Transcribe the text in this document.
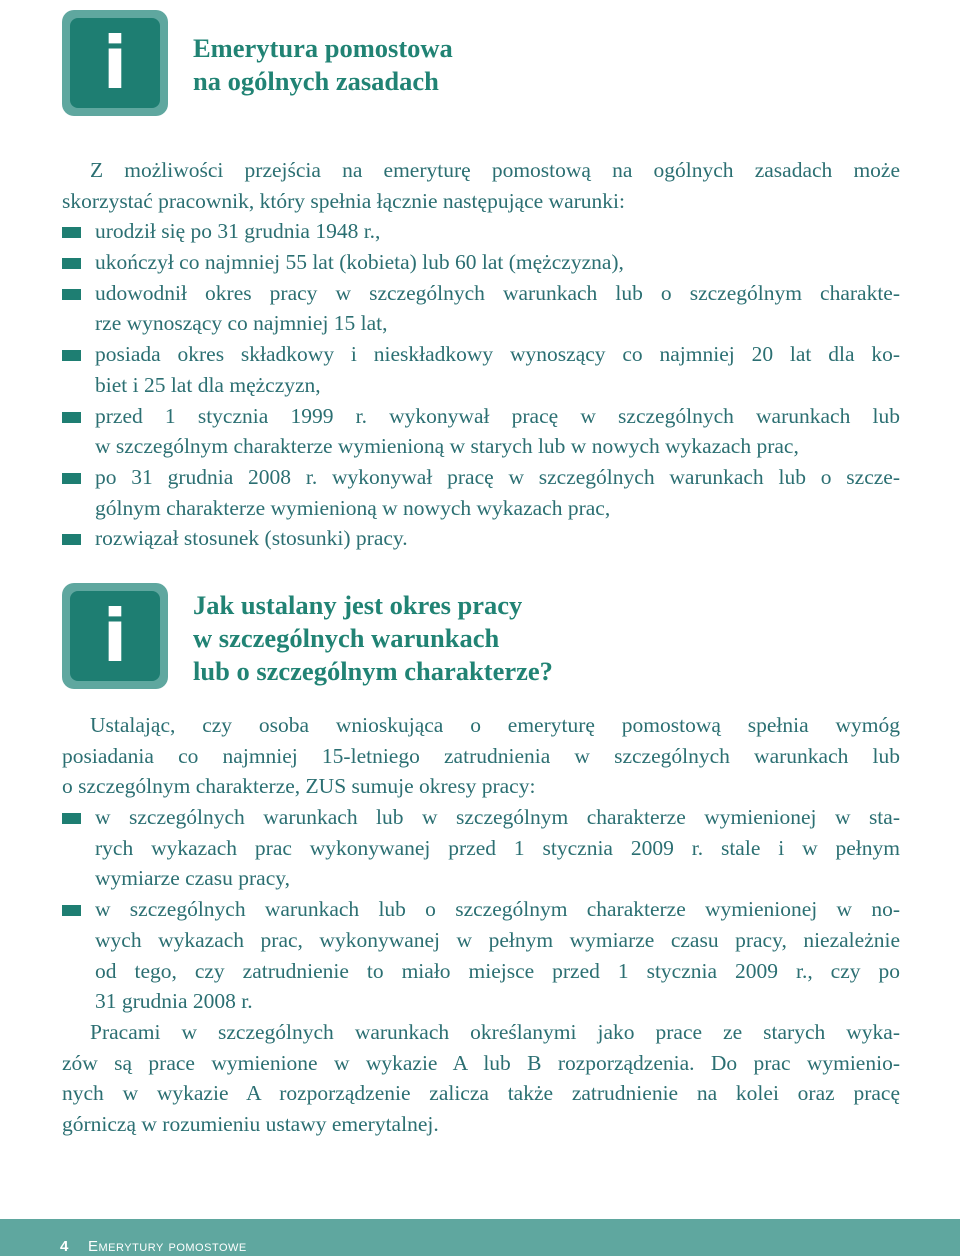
i	Emerytura pomostowa
na ogólnych zasadach
Z możliwości przejścia na emeryturę pomostową na ogólnych zasadach może
skorzystać pracownik, który spełnia łącznie następujące warunki:
urodził się po 31 grudnia 1948 r.,
ukończył co najmniej 55 lat (kobieta) lub 60 lat (mężczyzna),
udowodnił okres pracy w szczególnych warunkach lub o szczególnym charakte-
rze wynoszący co najmniej 15 lat,
posiada okres składkowy i nieskładkowy wynoszący co najmniej 20 lat dla ko-
biet i 25 lat dla mężczyzn,
przed 1 stycznia 1999 r. wykonywał pracę w szczególnych warunkach lub
w szczególnym charakterze wymienioną w starych lub w nowych wykazach prac,
po 31 grudnia 2008 r. wykonywał pracę w szczególnych warunkach lub o szcze-
gólnym charakterze wymienioną w nowych wykazach prac,
rozwiązał stosunek (stosunki) pracy.
i	Jak ustalany jest okres pracy
w szczególnych warunkach
lub o szczególnym charakterze?
Ustalając, czy osoba wnioskująca o emeryturę pomostową spełnia wymóg
posiadania co najmniej 15-letniego zatrudnienia w szczególnych warunkach lub
o szczególnym charakterze, ZUS sumuje okresy pracy:
w szczególnych warunkach lub w szczególnym charakterze wymienionej w sta-
rych wykazach prac wykonywanej przed 1 stycznia 2009 r. stale i w pełnym
wymiarze czasu pracy,
w szczególnych warunkach lub o szczególnym charakterze wymienionej w no-
wych wykazach prac, wykonywanej w pełnym wymiarze czasu pracy, niezależnie
od tego, czy zatrudnienie to miało miejsce przed 1 stycznia 2009 r., czy po
31 grudnia 2008 r.
Pracami w szczególnych warunkach określanymi jako prace ze starych wyka-
zów są prace wymienione w wykazie A lub B rozporządzenia. Do prac wymienio-
nych w wykazie A rozporządzenie zalicza także zatrudnienie na kolei oraz pracę
górniczą w rozumieniu ustawy emerytalnej.
4 Emerytury pomostowe
